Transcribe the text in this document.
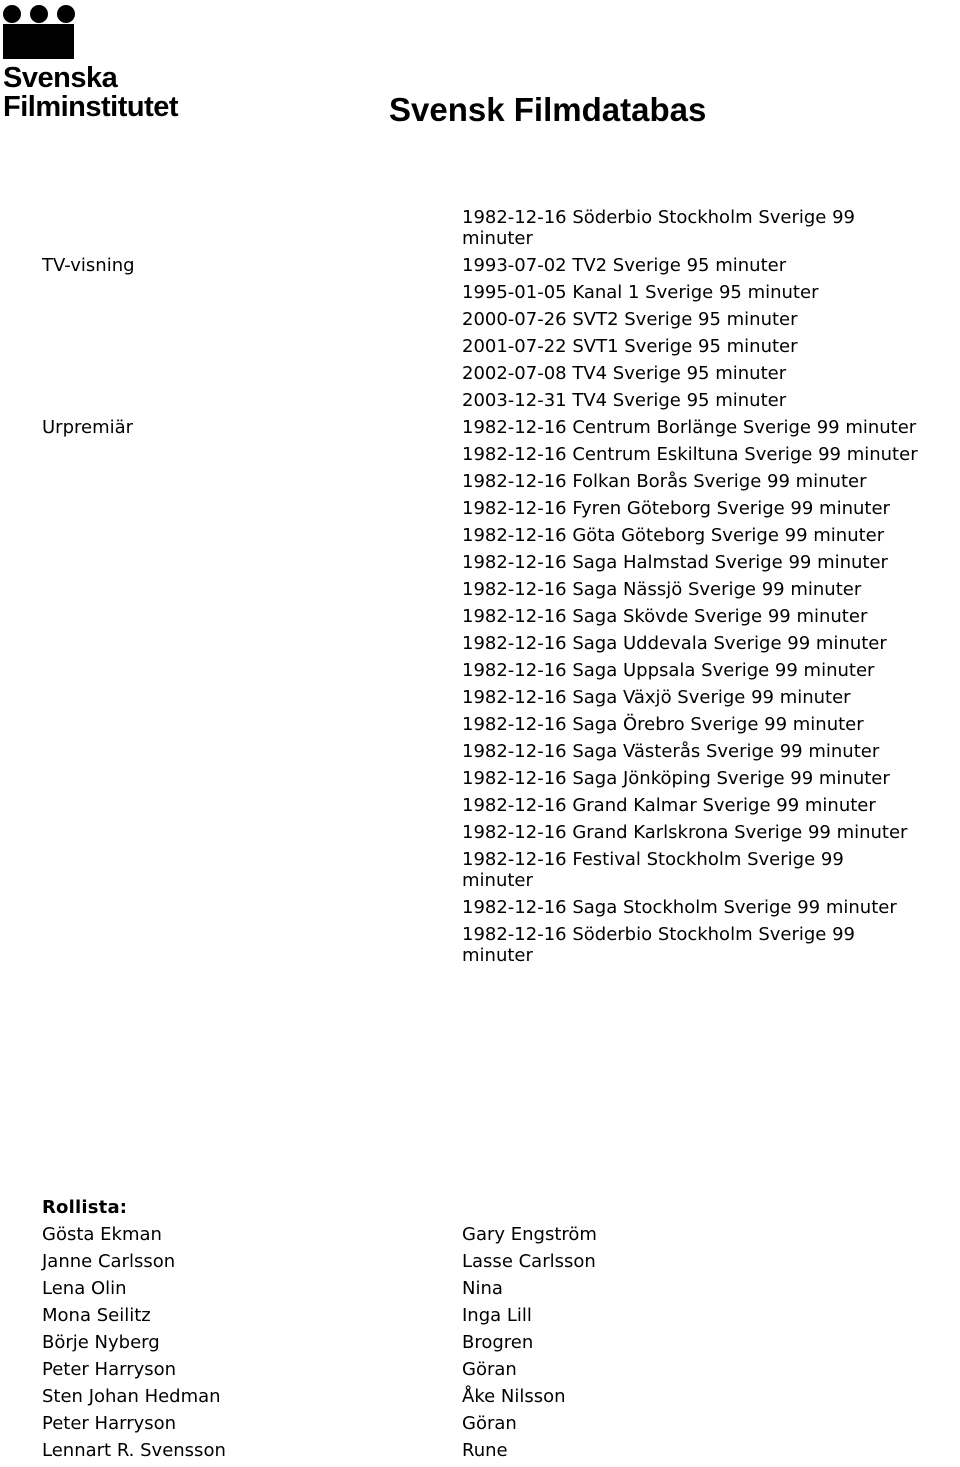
Svenska
Filminstitutet	Svensk Filmdatabas
1982-12-16 Söderbio Stockholm Sverige 99 minuter
TV-visning	1993-07-02 TV2 Sverige 95 minuter
1995-01-05 Kanal 1 Sverige 95 minuter
2000-07-26 SVT2 Sverige 95 minuter
2001-07-22 SVT1 Sverige 95 minuter
2002-07-08 TV4 Sverige 95 minuter
2003-12-31 TV4 Sverige 95 minuter
Urpremiär	1982-12-16 Centrum Borlänge Sverige 99 minuter
1982-12-16 Centrum Eskiltuna Sverige 99 minuter
1982-12-16 Folkan Borås Sverige 99 minuter
1982-12-16 Fyren Göteborg Sverige 99 minuter
1982-12-16 Göta Göteborg Sverige 99 minuter
1982-12-16 Saga Halmstad Sverige 99 minuter
1982-12-16 Saga Nässjö Sverige 99 minuter
1982-12-16 Saga Skövde Sverige 99 minuter
1982-12-16 Saga Uddevala Sverige 99 minuter
1982-12-16 Saga Uppsala Sverige 99 minuter
1982-12-16 Saga Växjö Sverige 99 minuter
1982-12-16 Saga Örebro Sverige 99 minuter
1982-12-16 Saga Västerås Sverige 99 minuter
1982-12-16 Saga Jönköping Sverige 99 minuter
1982-12-16 Grand Kalmar Sverige 99 minuter
1982-12-16 Grand Karlskrona Sverige 99 minuter
1982-12-16 Festival Stockholm Sverige 99 minuter
1982-12-16 Saga Stockholm Sverige 99 minuter
1982-12-16 Söderbio Stockholm Sverige 99 minuter
Rollista:
Gösta Ekman	Gary Engström
Janne Carlsson	Lasse Carlsson
Lena Olin	Nina
Mona Seilitz	Inga Lill
Börje Nyberg	Brogren
Peter Harryson	Göran
Sten Johan Hedman	Åke Nilsson
Peter Harryson	Göran
Lennart R. Svensson	Rune
